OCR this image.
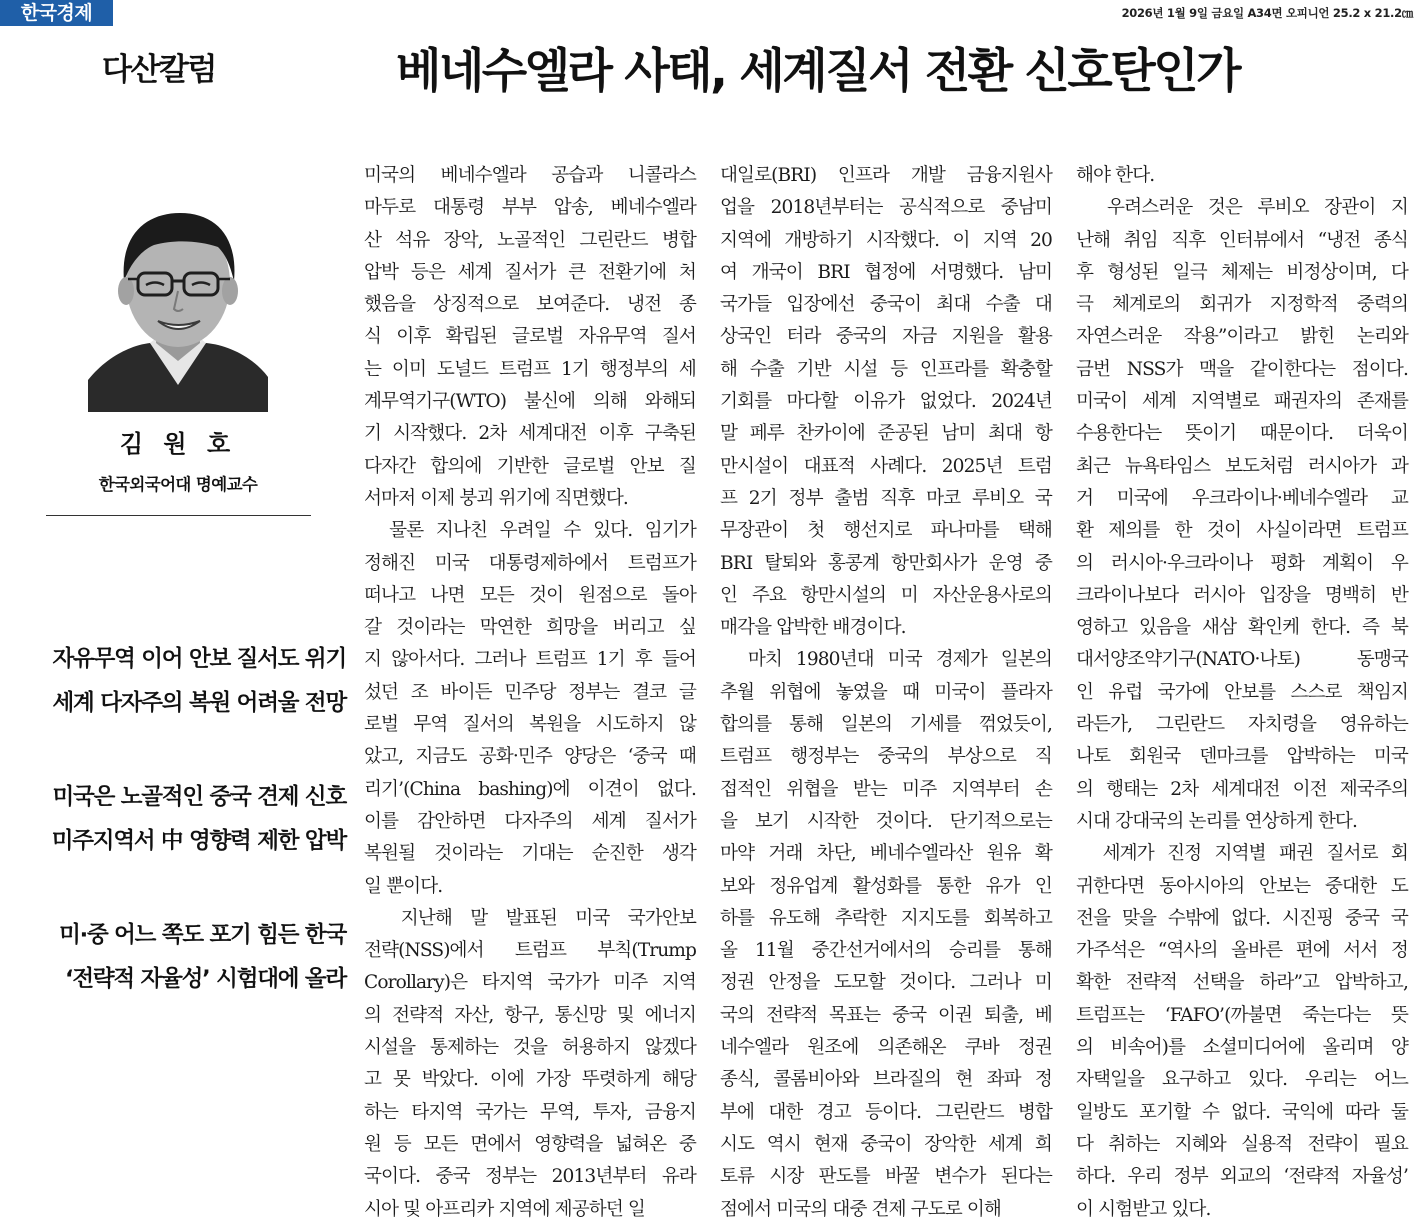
한국경제	2026년 1월 9일 금요일 A34면 오피니언 25.2 x 21.2㎝
다산칼럼	베네수엘라 사태, 세계질서 전환 신호탄인가
김 원 호
한국외국어대 명예교수
자유무역 이어 안보 질서도 위기
세계 다자주의 복원 어려울 전망
미국은 노골적인 중국 견제 신호
미주지역서 中 영향력 제한 압박
미·중 어느 쪽도 포기 힘든 한국
‘전략적 자율성’ 시험대에 올라
미국의 베네수엘라 공습과 니콜라스
마두로 대통령 부부 압송, 베네수엘라
산 석유 장악, 노골적인 그린란드 병합
압박 등은 세계 질서가 큰 전환기에 처
했음을 상징적으로 보여준다. 냉전 종
식 이후 확립된 글로벌 자유무역 질서
는 이미 도널드 트럼프 1기 행정부의 세
계무역기구(WTO) 불신에 의해 와해되
기 시작했다. 2차 세계대전 이후 구축된
다자간 합의에 기반한 글로벌 안보 질
서마저 이제 붕괴 위기에 직면했다.
물론 지나친 우려일 수 있다. 임기가
정해진 미국 대통령제하에서 트럼프가
떠나고 나면 모든 것이 원점으로 돌아
갈 것이라는 막연한 희망을 버리고 싶
지 않아서다. 그러나 트럼프 1기 후 들어
섰던 조 바이든 민주당 정부는 결코 글
로벌 무역 질서의 복원을 시도하지 않
았고, 지금도 공화·민주 양당은 ‘중국 때
리기’(China bashing)에 이견이 없다.
이를 감안하면 다자주의 세계 질서가
복원될 것이라는 기대는 순진한 생각
일 뿐이다.
지난해 말 발표된 미국 국가안보
전략(NSS)에서 트럼프 부칙(Trump
Corollary)은 타지역 국가가 미주 지역
의 전략적 자산, 항구, 통신망 및 에너지
시설을 통제하는 것을 허용하지 않겠다
고 못 박았다. 이에 가장 뚜렷하게 해당
하는 타지역 국가는 무역, 투자, 금융지
원 등 모든 면에서 영향력을 넓혀온 중
국이다. 중국 정부는 2013년부터 유라
시아 및 아프리카 지역에 제공하던 일
대일로(BRI) 인프라 개발 금융지원사
업을 2018년부터는 공식적으로 중남미
지역에 개방하기 시작했다. 이 지역 20
여 개국이 BRI 협정에 서명했다. 남미
국가들 입장에선 중국이 최대 수출 대
상국인 터라 중국의 자금 지원을 활용
해 수출 기반 시설 등 인프라를 확충할
기회를 마다할 이유가 없었다. 2024년
말 페루 찬카이에 준공된 남미 최대 항
만시설이 대표적 사례다. 2025년 트럼
프 2기 정부 출범 직후 마코 루비오 국
무장관이 첫 행선지로 파나마를 택해
BRI 탈퇴와 홍콩계 항만회사가 운영 중
인 주요 항만시설의 미 자산운용사로의
매각을 압박한 배경이다.
마치 1980년대 미국 경제가 일본의
추월 위협에 놓였을 때 미국이 플라자
합의를 통해 일본의 기세를 꺾었듯이,
트럼프 행정부는 중국의 부상으로 직
접적인 위협을 받는 미주 지역부터 손
을 보기 시작한 것이다. 단기적으로는
마약 거래 차단, 베네수엘라산 원유 확
보와 정유업계 활성화를 통한 유가 인
하를 유도해 추락한 지지도를 회복하고
올 11월 중간선거에서의 승리를 통해
정권 안정을 도모할 것이다. 그러나 미
국의 전략적 목표는 중국 이권 퇴출, 베
네수엘라 원조에 의존해온 쿠바 정권
종식, 콜롬비아와 브라질의 현 좌파 정
부에 대한 경고 등이다. 그린란드 병합
시도 역시 현재 중국이 장악한 세계 희
토류 시장 판도를 바꿀 변수가 된다는
점에서 미국의 대중 견제 구도로 이해
해야 한다.
우려스러운 것은 루비오 장관이 지
난해 취임 직후 인터뷰에서 “냉전 종식
후 형성된 일극 체제는 비정상이며, 다
극 체계로의 회귀가 지정학적 중력의
자연스러운 작용”이라고 밝힌 논리와
금번 NSS가 맥을 같이한다는 점이다.
미국이 세계 지역별로 패권자의 존재를
수용한다는 뜻이기 때문이다. 더욱이
최근 뉴욕타임스 보도처럼 러시아가 과
거 미국에 우크라이나·베네수엘라 교
환 제의를 한 것이 사실이라면 트럼프
의 러시아·우크라이나 평화 계획이 우
크라이나보다 러시아 입장을 명백히 반
영하고 있음을 새삼 확인케 한다. 즉 북
대서양조약기구(NATO·나토) 동맹국
인 유럽 국가에 안보를 스스로 책임지
라든가, 그린란드 자치령을 영유하는
나토 회원국 덴마크를 압박하는 미국
의 행태는 2차 세계대전 이전 제국주의
시대 강대국의 논리를 연상하게 한다.
세계가 진정 지역별 패권 질서로 회
귀한다면 동아시아의 안보는 중대한 도
전을 맞을 수밖에 없다. 시진핑 중국 국
가주석은 “역사의 올바른 편에 서서 정
확한 전략적 선택을 하라”고 압박하고,
트럼프는 ‘FAFO’(까불면 죽는다는 뜻
의 비속어)를 소셜미디어에 올리며 양
자택일을 요구하고 있다. 우리는 어느
일방도 포기할 수 없다. 국익에 따라 둘
다 취하는 지혜와 실용적 전략이 필요
하다. 우리 정부 외교의 ‘전략적 자율성’
이 시험받고 있다.
